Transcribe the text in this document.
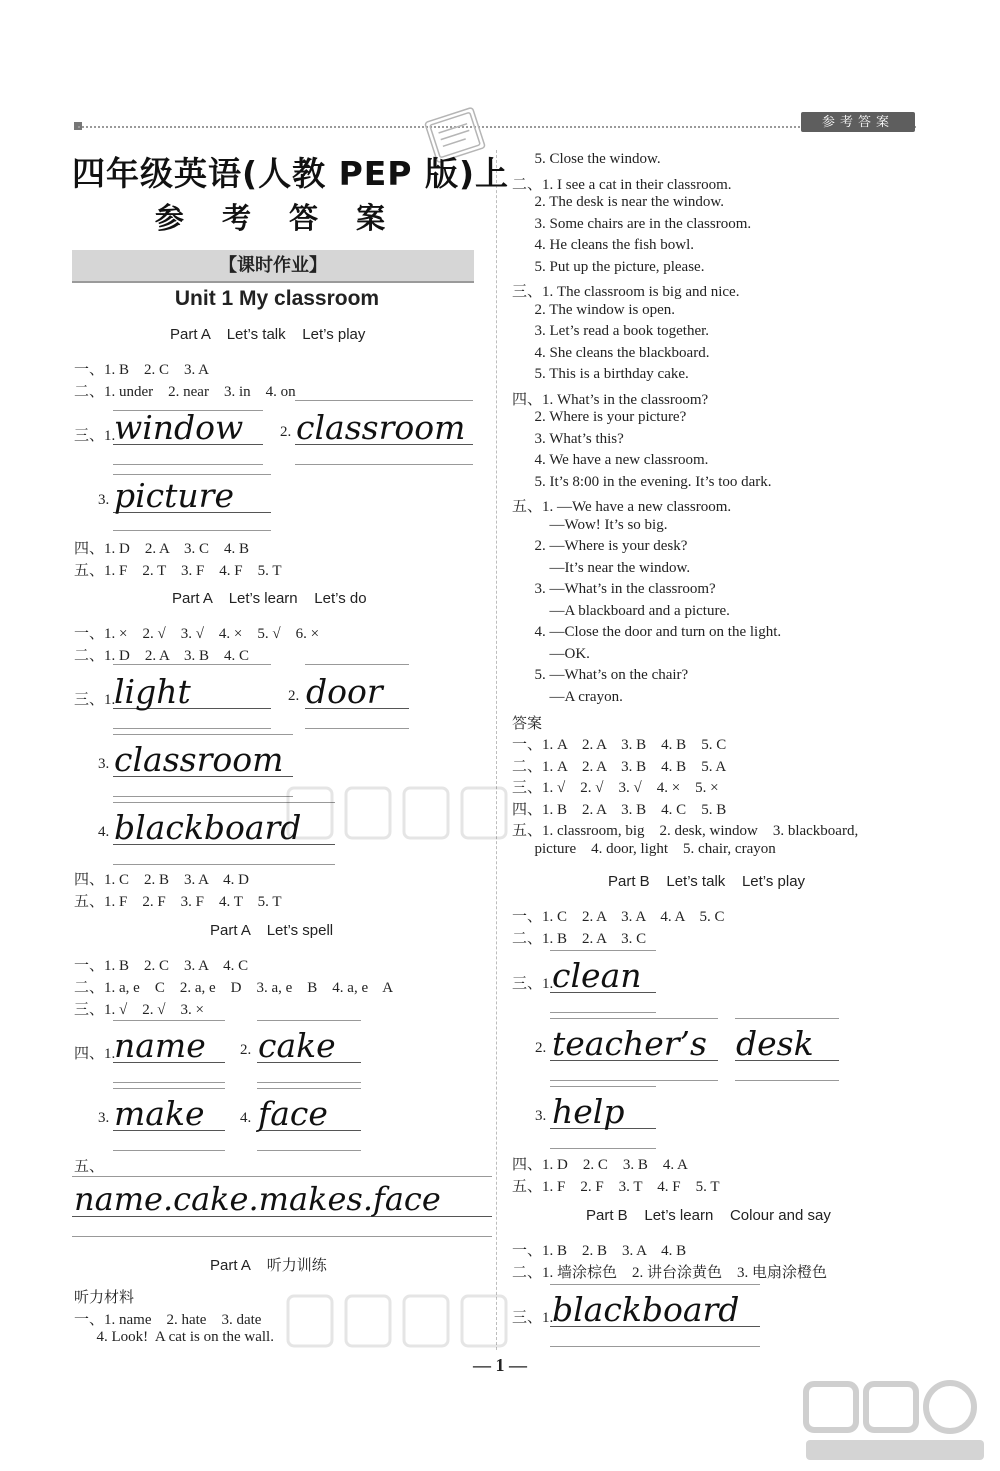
参考答案
四年级英语(人教 PEP 版)上
参 考 答 案
【课时作业】
Unit 1 My classroom
Part A    Let’s talk    Let’s play
一、1. B    2. C    3. A
二、1. under    2. near    3. in    4. on
三、1.
window 2. classroom
3. picture
四、1. D    2. A    3. C    4. B
五、1. F    2. T    3. F    4. F    5. T
Part A    Let’s learn    Let’s do
一、1. ×    2. √    3. √    4. ×    5. √    6. ×
二、1. D    2. A    3. B    4. C
三、1.
light	2. door
3. classroom
4. blackboard
四、1. C    2. B    3. A    4. D
五、1. F    2. F    3. F    4. T    5. T
Part A    Let’s spell
一、1. B    2. C    3. A    4. C
二、1. a, e    C    2. a, e    D    3. a, e    B    4. a, e    A
三、1. √    2. √    3. ×
四、1.
name 2. cake
3. make 4. face
五、
name.cake.makes.face
Part A    听力训练
听力材料
一、1. name    2. hate    3. date
4. Look!  A cat is on the wall.
5. Close the window.
二、1. I see a cat in their classroom.
2. The desk is near the window.
3. Some chairs are in the classroom.
4. He cleans the fish bowl.
5. Put up the picture, please.
三、1. The classroom is big and nice.
2. The window is open.
3. Let’s read a book together.
4. She cleans the blackboard.
5. This is a birthday cake.
四、1. What’s in the classroom?
2. Where is your picture?
3. What’s this?
4. We have a new classroom.
5. It’s 8:00 in the evening. It’s too dark.
五、1. —We have a new classroom.
—Wow! It’s so big.
2. —Where is your desk?
—It’s near the window.
3. —What’s in the classroom?
—A blackboard and a picture.
4. —Close the door and turn on the light.
—OK.
5. —What’s on the chair?
—A crayon.
答案
一、1. A    2. A    3. B    4. B    5. C
二、1. A    2. A    3. B    4. B    5. A
三、1. √    2. √    3. √    4. ×    5. ×
四、1. B    2. A    3. B    4. C    5. B
五、1. classroom, big    2. desk, window    3. blackboard,
picture    4. door, light    5. chair, crayon
Part B    Let’s talk    Let’s play
一、1. C    2. A    3. A    4. A    5. C
二、1. B    2. A    3. C
三、1.
clean
2. teacher’s desk
3. help
四、1. D    2. C    3. B    4. A
五、1. F    2. F    3. T    4. F    5. T
Part B    Let’s learn    Colour and say
一、1. B    2. B    3. A    4. B
二、1. 墙涂棕色    2. 讲台涂黄色    3. 电扇涂橙色
三、1.
blackboard
— 1 —
